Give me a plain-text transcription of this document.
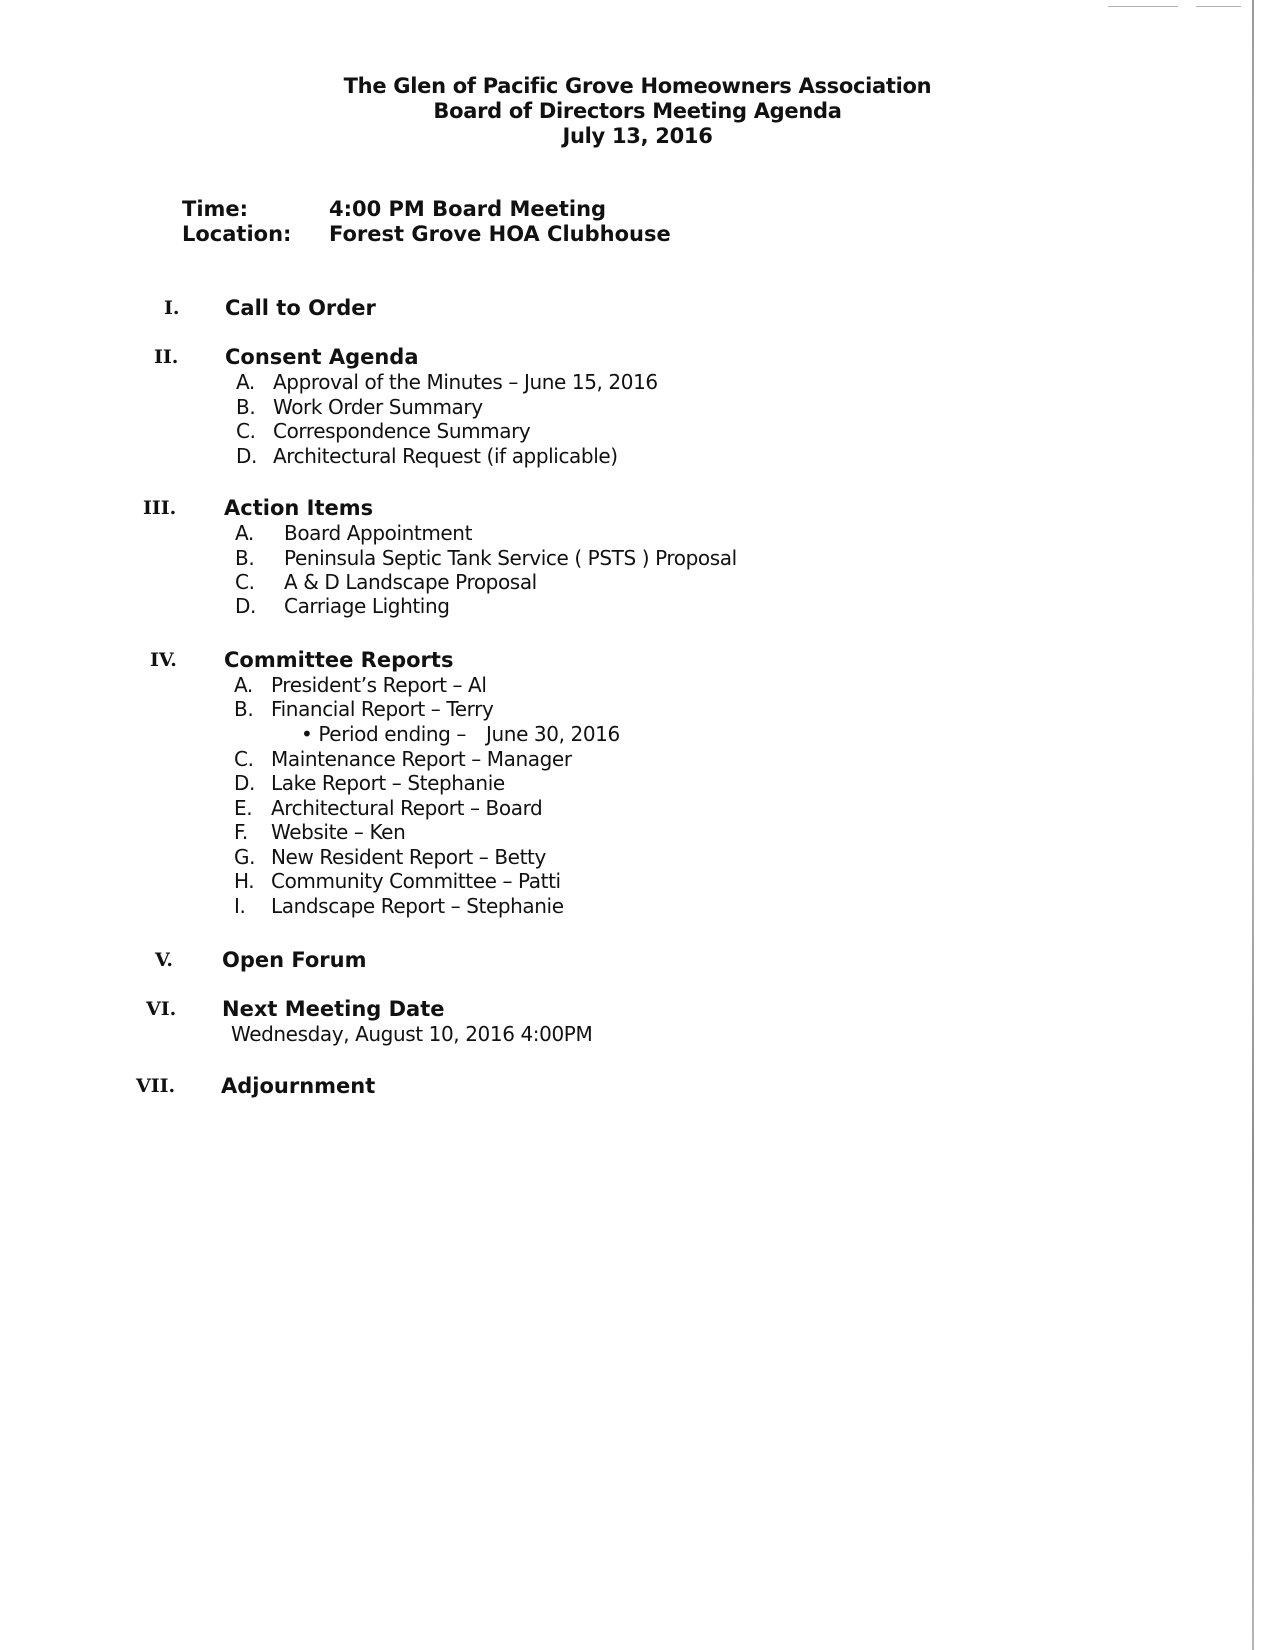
The Glen of Pacific Grove Homeowners Association
Board of Directors Meeting Agenda
July 13, 2016
Time:	4:00 PM Board Meeting
Location: Forest Grove HOA Clubhouse
I. Call to Order
II. Consent Agenda
A. Approval of the Minutes – June 15, 2016
B. Work Order Summary
C. Correspondence Summary
D. Architectural Request (if applicable)
III. Action Items
A. Board Appointment
B. Peninsula Septic Tank Service ( PSTS ) Proposal
C. A & D Landscape Proposal
D. Carriage Lighting
IV. Committee Reports
A. President’s Report – Al
B. Financial Report – Terry
• Period ending – June 30, 2016
C. Maintenance Report – Manager
D. Lake Report – Stephanie
E. Architectural Report – Board
F. Website – Ken
G. New Resident Report – Betty
H. Community Committee – Patti
I. Landscape Report – Stephanie
V. Open Forum
VI. Next Meeting Date
Wednesday, August 10, 2016 4:00PM
VII. Adjournment
